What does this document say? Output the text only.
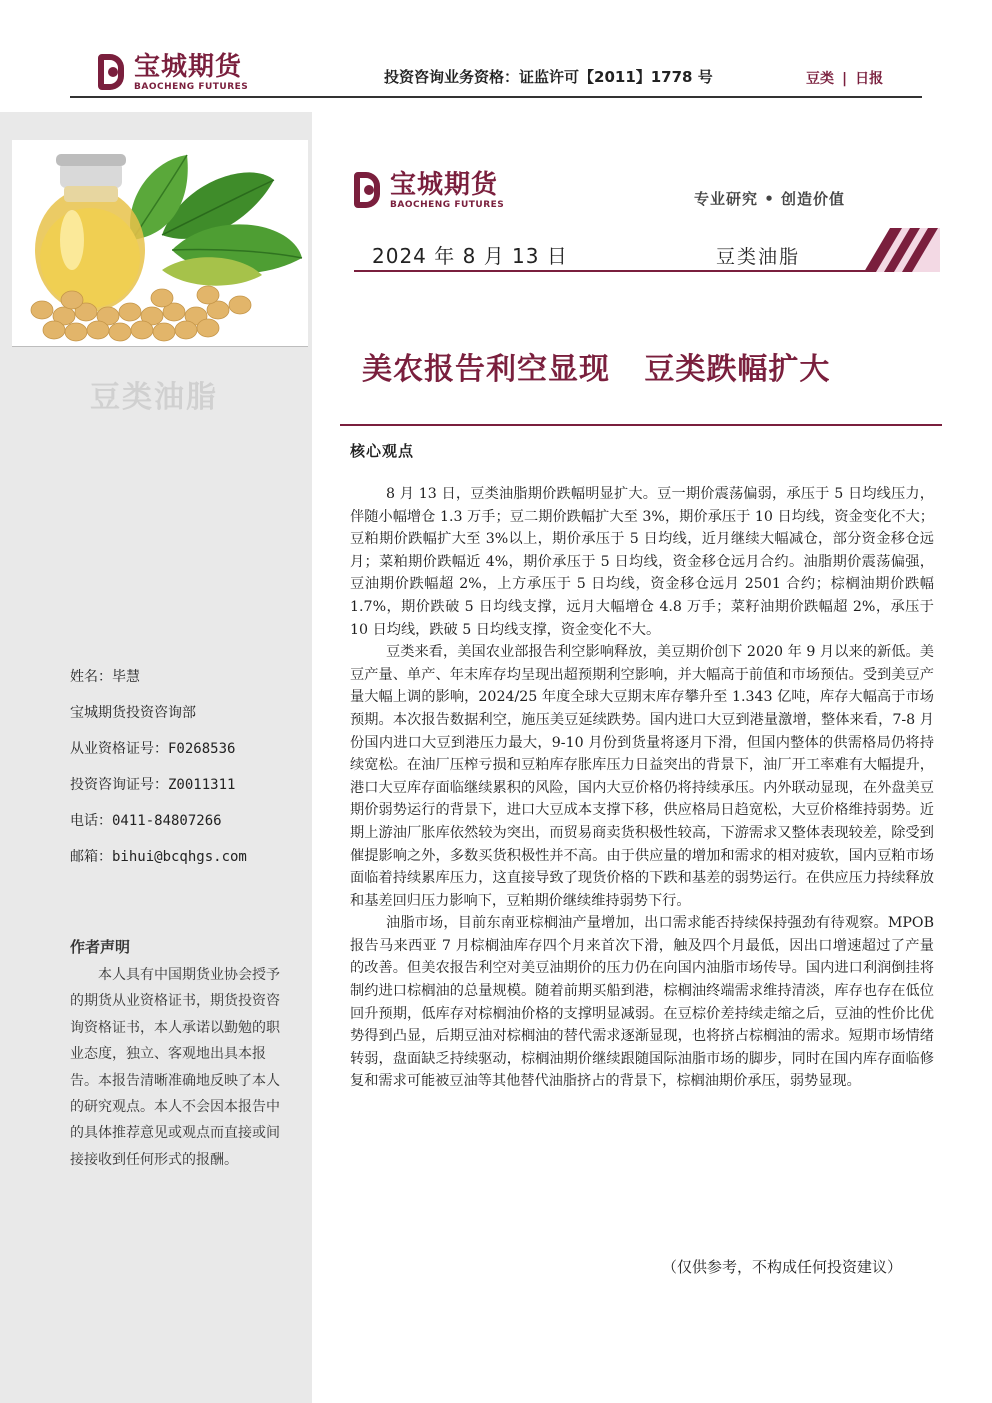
宝城期货
BAOCHENG FUTURES
投资咨询业务资格：证监许可【2011】1778 号	豆类 | 日报
豆类油脂
姓名：毕慧
宝城期货投资咨询部
从业资格证号：F0268536
投资咨询证号：Z0011311
电话：0411-84807266
邮箱：bihui@bcqhgs.com
作者声明
本人具有中国期货业协会授予的期货从业资格证书，期货投资咨询资格证书，本人承诺以勤勉的职业态度，独立、客观地出具本报告。本报告清晰准确地反映了本人的研究观点。本人不会因本报告中的具体推荐意见或观点而直接或间接接收到任何形式的报酬。
宝城期货
BAOCHENG FUTURES	专业研究 • 创造价值
2024 年 8 月 13 日	豆类油脂
美农报告利空显现   豆类跌幅扩大
核心观点

8 月 13 日，豆类油脂期价跌幅明显扩大。豆一期价震荡偏弱，承压于 5 日均线压力，伴随小幅增仓 1.3 万手；豆二期价跌幅扩大至 3%，期价承压于 10 日均线，资金变化不大；豆粕期价跌幅扩大至 3%以上，期价承压于 5 日均线，近月继续大幅减仓，部分资金移仓远月；菜粕期价跌幅近 4%，期价承压于 5 日均线，资金移仓远月合约。油脂期价震荡偏强，豆油期价跌幅超 2%，上方承压于 5 日均线，资金移仓远月 2501 合约；棕榈油期价跌幅 1.7%，期价跌破 5 日均线支撑，远月大幅增仓 4.8 万手；菜籽油期价跌幅超 2%，承压于 10 日均线，跌破 5 日均线支撑，资金变化不大。

豆类来看，美国农业部报告利空影响释放，美豆期价创下 2020 年 9 月以来的新低。美豆产量、单产、年末库存均呈现出超预期利空影响，并大幅高于前值和市场预估。受到美豆产量大幅上调的影响，2024/25 年度全球大豆期末库存攀升至 1.343 亿吨，库存大幅高于市场预期。本次报告数据利空，施压美豆延续跌势。国内进口大豆到港量激增，整体来看，7-8 月份国内进口大豆到港压力最大，9-10 月份到货量将逐月下滑，但国内整体的供需格局仍将持续宽松。在油厂压榨亏损和豆粕库存胀库压力日益突出的背景下，油厂开工率难有大幅提升，港口大豆库存面临继续累积的风险，国内大豆价格仍将持续承压。内外联动显现，在外盘美豆期价弱势运行的背景下，进口大豆成本支撑下移，供应格局日趋宽松，大豆价格维持弱势。近期上游油厂胀库依然较为突出，而贸易商卖货积极性较高，下游需求又整体表现较差，除受到催提影响之外，多数买货积极性并不高。由于供应量的增加和需求的相对疲软，国内豆粕市场面临着持续累库压力，这直接导致了现货价格的下跌和基差的弱势运行。在供应压力持续释放和基差回归压力影响下，豆粕期价继续维持弱势下行。

油脂市场，目前东南亚棕榈油产量增加，出口需求能否持续保持强劲有待观察。MPOB 报告马来西亚 7 月棕榈油库存四个月来首次下滑，触及四个月最低，因出口增速超过了产量的改善。但美农报告利空对美豆油期价的压力仍在向国内油脂市场传导。国内进口利润倒挂将制约进口棕榈油的总量规模。随着前期买船到港，棕榈油终端需求维持清淡，库存也存在低位回升预期，低库存对棕榈油价格的支撑明显减弱。在豆棕价差持续走缩之后，豆油的性价比优势得到凸显，后期豆油对棕榈油的替代需求逐渐显现，也将挤占棕榈油的需求。短期市场情绪转弱，盘面缺乏持续驱动，棕榈油期价继续跟随国际油脂市场的脚步，同时在国内库存面临修复和需求可能被豆油等其他替代油脂挤占的背景下，棕榈油期价承压，弱势显现。

（仅供参考，不构成任何投资建议）
